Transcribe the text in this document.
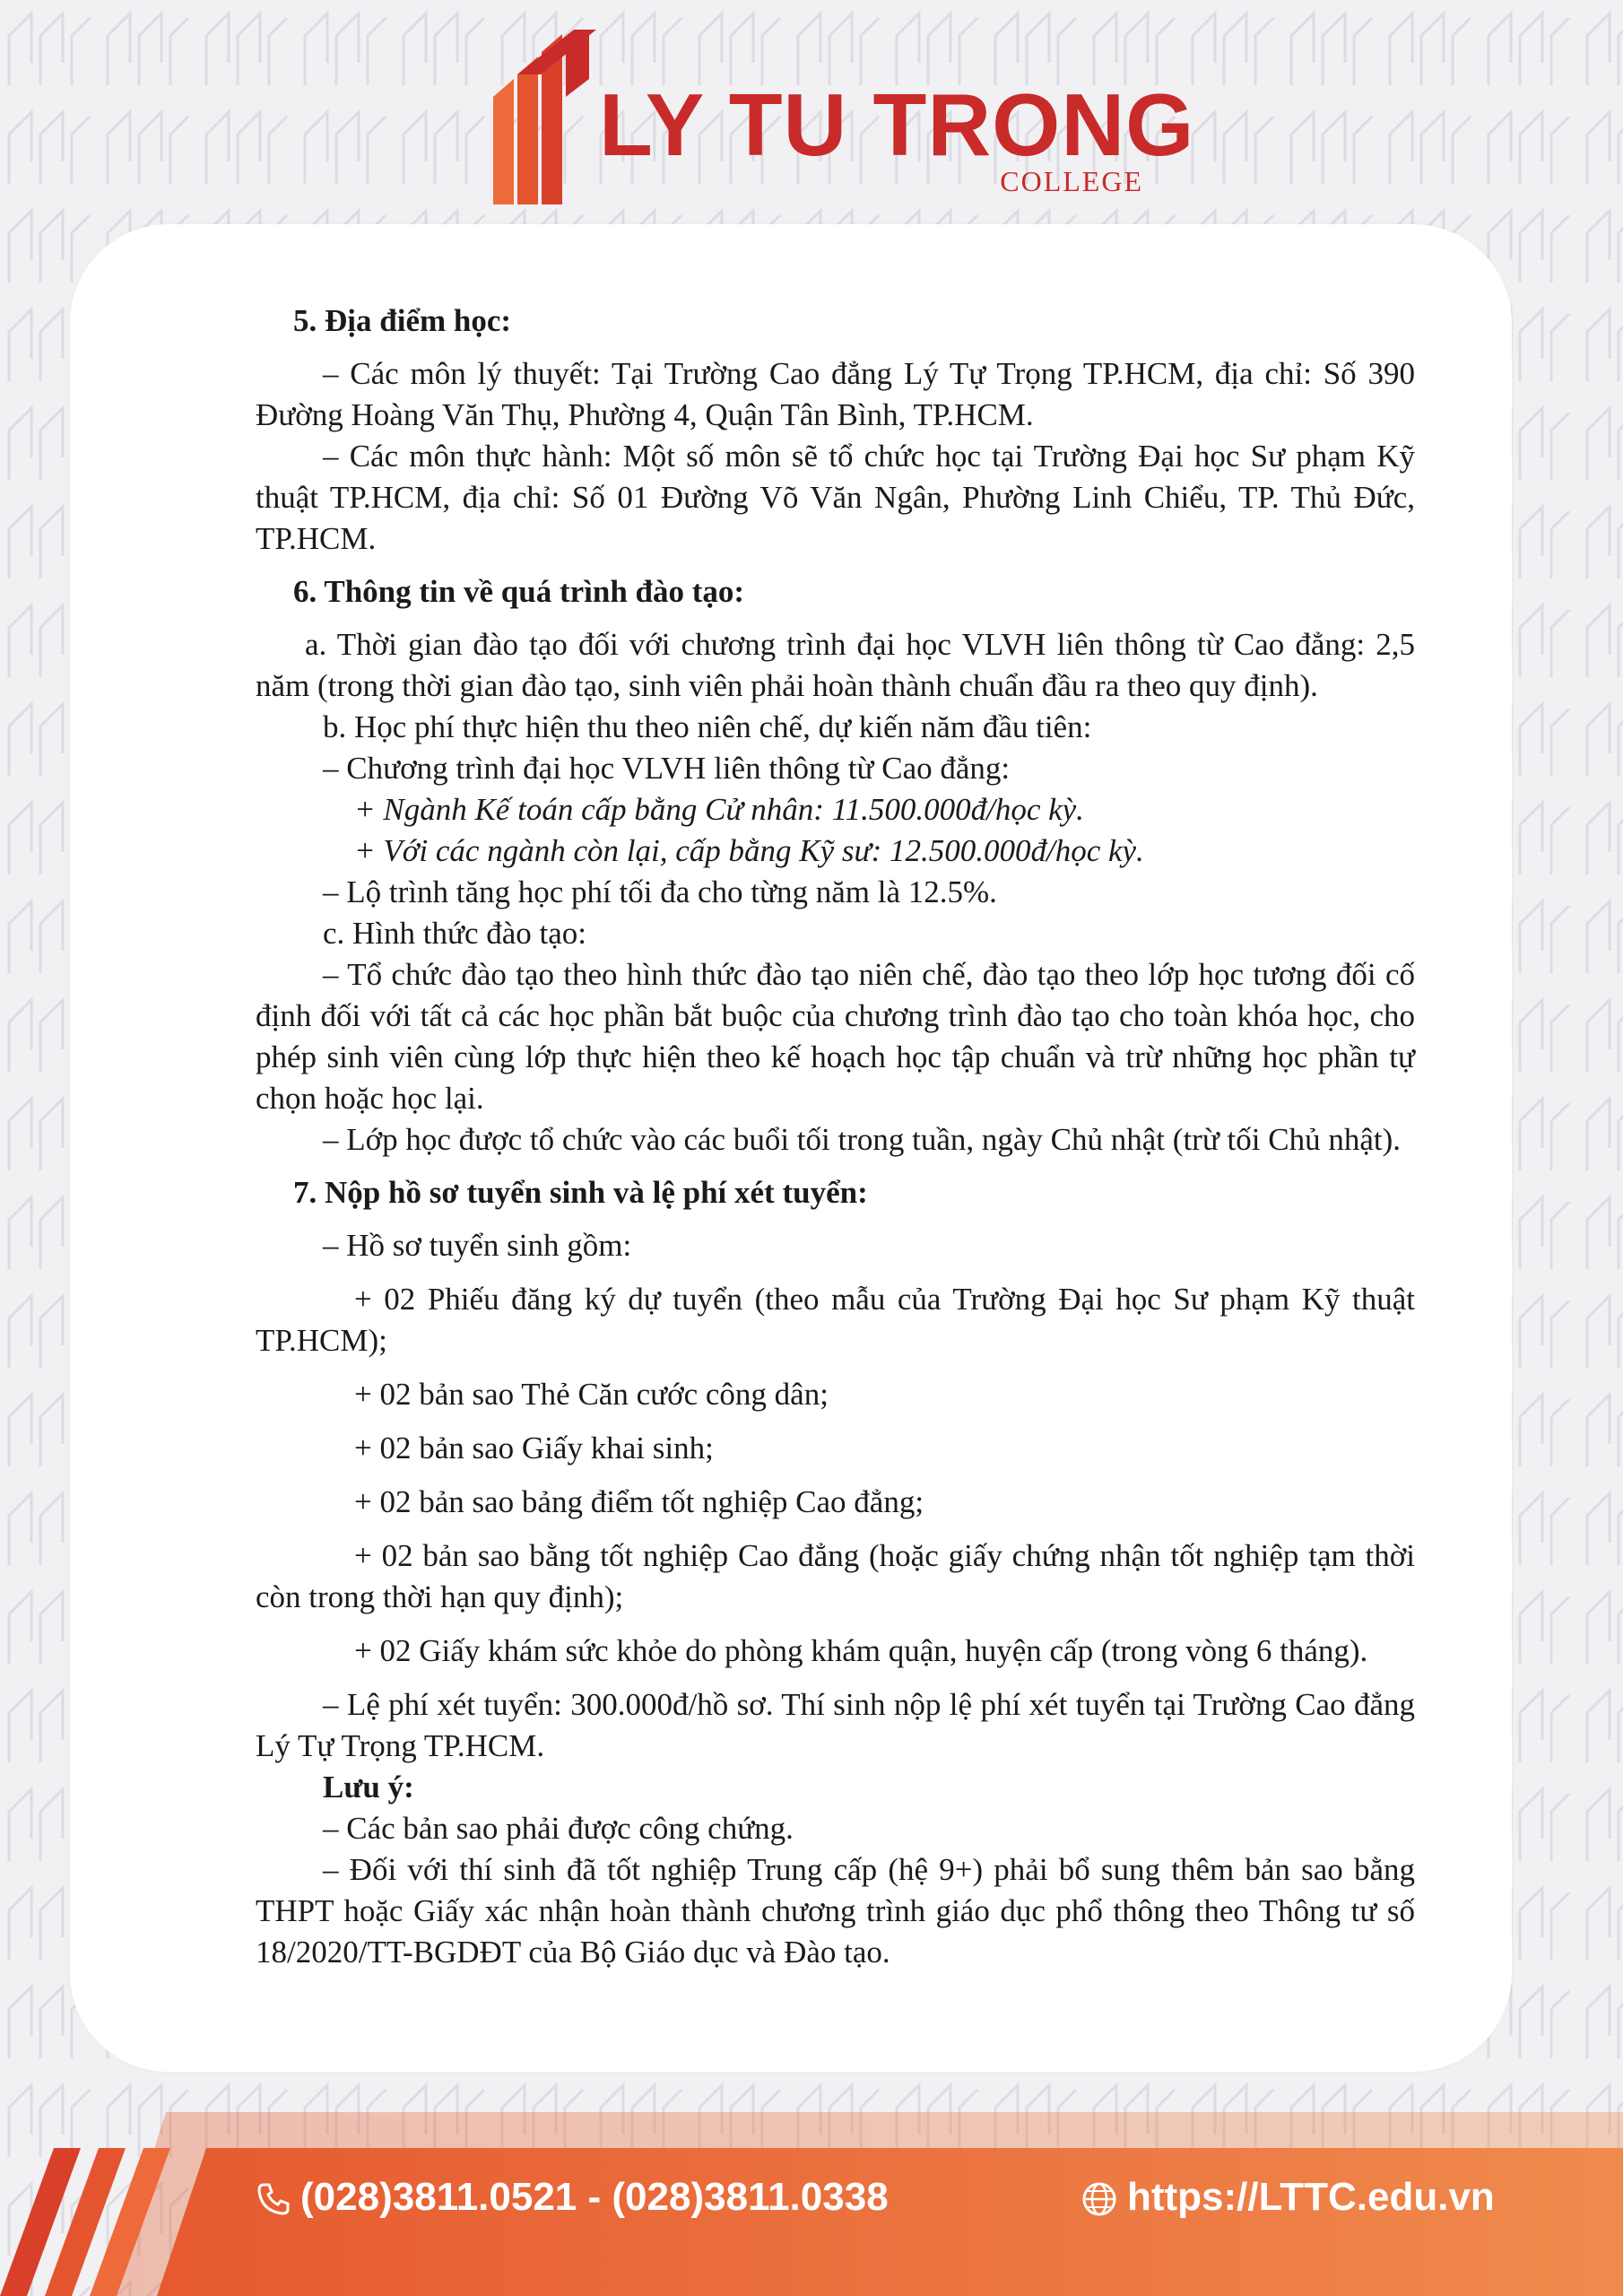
LY TU TRONG
COLLEGE

5. Địa điểm học:

– Các môn lý thuyết: Tại Trường Cao đẳng Lý Tự Trọng TP.HCM, địa chỉ: Số 390 Đường Hoàng Văn Thụ, Phường 4, Quận Tân Bình, TP.HCM.

– Các môn thực hành: Một số môn sẽ tổ chức học tại Trường Đại học Sư phạm Kỹ thuật TP.HCM, địa chỉ: Số 01 Đường Võ Văn Ngân, Phường Linh Chiểu, TP. Thủ Đức, TP.HCM.

6. Thông tin về quá trình đào tạo:

a. Thời gian đào tạo đối với chương trình đại học VLVH liên thông từ Cao đẳng: 2,5 năm (trong thời gian đào tạo, sinh viên phải hoàn thành chuẩn đầu ra theo quy định).

b. Học phí thực hiện thu theo niên chế, dự kiến năm đầu tiên:

– Chương trình đại học VLVH liên thông từ Cao đẳng:

+ Ngành Kế toán cấp bằng Cử nhân: 11.500.000đ/học kỳ.

+ Với các ngành còn lại, cấp bằng Kỹ sư: 12.500.000đ/học kỳ.

– Lộ trình tăng học phí tối đa cho từng năm là 12.5%.

c. Hình thức đào tạo:

– Tổ chức đào tạo theo hình thức đào tạo niên chế, đào tạo theo lớp học tương đối cố định đối với tất cả các học phần bắt buộc của chương trình đào tạo cho toàn khóa học, cho phép sinh viên cùng lớp thực hiện theo kế hoạch học tập chuẩn và trừ những học phần tự chọn hoặc học lại.

– Lớp học được tổ chức vào các buổi tối trong tuần, ngày Chủ nhật (trừ tối Chủ nhật).

7. Nộp hồ sơ tuyển sinh và lệ phí xét tuyển:

– Hồ sơ tuyển sinh gồm:

+ 02 Phiếu đăng ký dự tuyển (theo mẫu của Trường Đại học Sư phạm Kỹ thuật TP.HCM);

+ 02 bản sao Thẻ Căn cước công dân;

+ 02 bản sao Giấy khai sinh;

+ 02 bản sao bảng điểm tốt nghiệp Cao đẳng;

+ 02 bản sao bằng tốt nghiệp Cao đẳng (hoặc giấy chứng nhận tốt nghiệp tạm thời còn trong thời hạn quy định);

+ 02 Giấy khám sức khỏe do phòng khám quận, huyện cấp (trong vòng 6 tháng).

– Lệ phí xét tuyển: 300.000đ/hồ sơ. Thí sinh nộp lệ phí xét tuyển tại Trường Cao đẳng Lý Tự Trọng TP.HCM.

Lưu ý:

– Các bản sao phải được công chứng.

– Đối với thí sinh đã tốt nghiệp Trung cấp (hệ 9+) phải bổ sung thêm bản sao bằng THPT hoặc Giấy xác nhận hoàn thành chương trình giáo dục phổ thông theo Thông tư số 18/2020/TT-BGDĐT của Bộ Giáo dục và Đào tạo.

(028)3811.0521 - (028)3811.0338	https://LTTC.edu.vn
